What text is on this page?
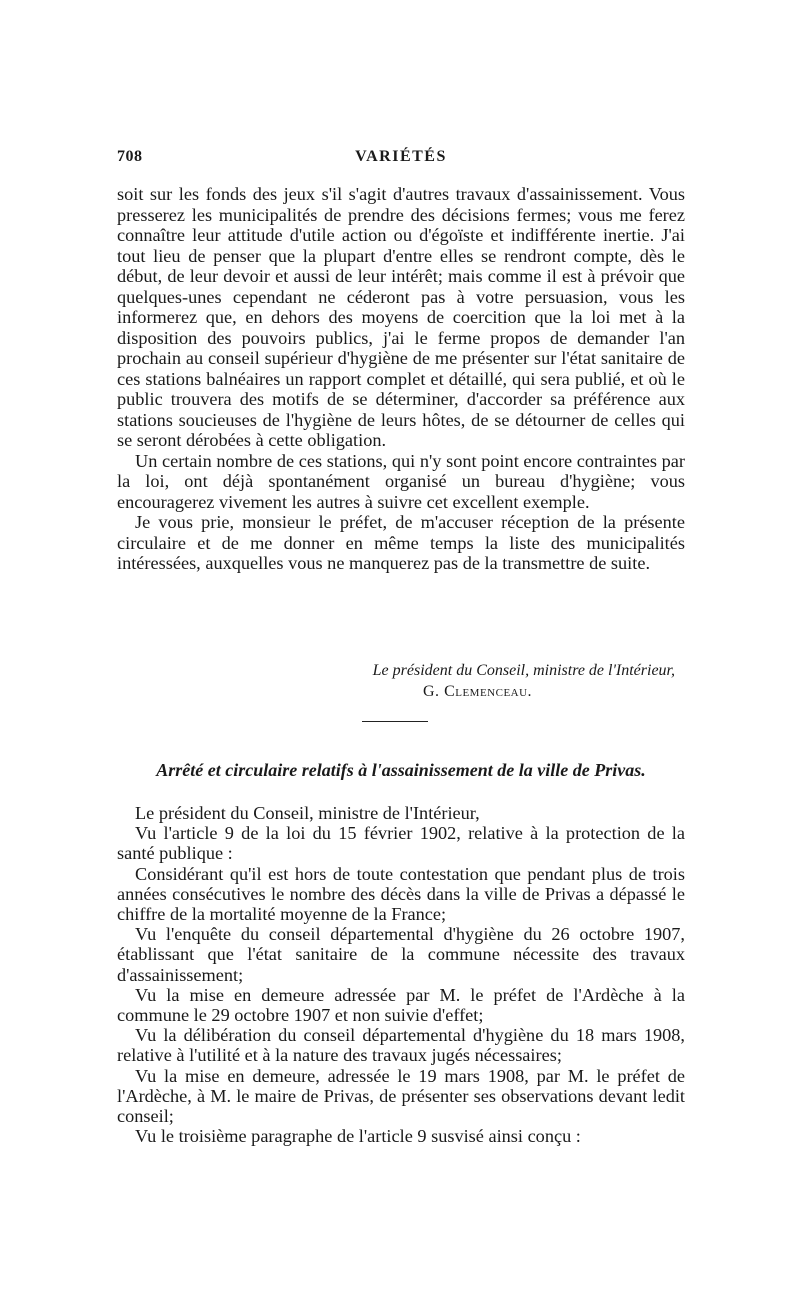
708	VARIÉTÉS

soit sur les fonds des jeux s'il s'agit d'autres travaux d'assainissement. Vous presserez les municipalités de prendre des décisions fermes; vous me ferez connaître leur attitude d'utile action ou d'égoïste et indifférente inertie. J'ai tout lieu de penser que la plupart d'entre elles se rendront compte, dès le début, de leur devoir et aussi de leur intérêt; mais comme il est à prévoir que quelques-unes cependant ne céderont pas à votre persuasion, vous les informerez que, en dehors des moyens de coercition que la loi met à la disposition des pouvoirs publics, j'ai le ferme propos de demander l'an prochain au conseil supérieur d'hygiène de me présenter sur l'état sanitaire de ces stations balnéaires un rapport complet et détaillé, qui sera publié, et où le public trouvera des motifs de se déterminer, d'accorder sa préférence aux stations soucieuses de l'hygiène de leurs hôtes, de se détourner de celles qui se seront dérobées à cette obligation.

Un certain nombre de ces stations, qui n'y sont point encore contraintes par la loi, ont déjà spontanément organisé un bureau d'hygiène; vous encouragerez vivement les autres à suivre cet excellent exemple.

Je vous prie, monsieur le préfet, de m'accuser réception de la présente circulaire et de me donner en même temps la liste des municipalités intéressées, auxquelles vous ne manquerez pas de la transmettre de suite.

Le président du Conseil, ministre de l'Intérieur,
G. Clemenceau.
Arrêté et circulaire relatifs à l'assainissement de la ville de Privas.

Le président du Conseil, ministre de l'Intérieur,

Vu l'article 9 de la loi du 15 février 1902, relative à la protection de la santé publique :

Considérant qu'il est hors de toute contestation que pendant plus de trois années consécutives le nombre des décès dans la ville de Privas a dépassé le chiffre de la mortalité moyenne de la France;

Vu l'enquête du conseil départemental d'hygiène du 26 octobre 1907, établissant que l'état sanitaire de la commune nécessite des travaux d'assainissement;

Vu la mise en demeure adressée par M. le préfet de l'Ardèche à la commune le 29 octobre 1907 et non suivie d'effet;

Vu la délibération du conseil départemental d'hygiène du 18 mars 1908, relative à l'utilité et à la nature des travaux jugés nécessaires;

Vu la mise en demeure, adressée le 19 mars 1908, par M. le préfet de l'Ardèche, à M. le maire de Privas, de présenter ses observations devant ledit conseil;

Vu le troisième paragraphe de l'article 9 susvisé ainsi conçu :
